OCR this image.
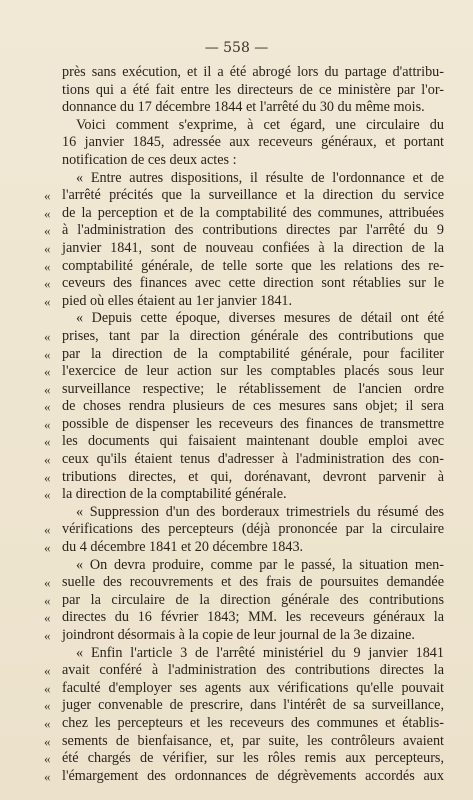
— 558 —
près sans exécution, et il a été abrogé lors du partage d'attribu-
tions qui a été fait entre les directeurs de ce ministère par l'or-
donnance du 17 décembre 1844 et l'arrêté du 30 du même mois.
Voici comment s'exprime, à cet égard, une circulaire du
16 janvier 1845, adressée aux receveurs généraux, et portant
notification de ces deux actes :
« Entre autres dispositions, il résulte de l'ordonnance et de
« l'arrêté précités que la surveillance et la direction du service
« de la perception et de la comptabilité des communes, attribuées
« à l'administration des contributions directes par l'arrêté du 9
« janvier 1841, sont de nouveau confiées à la direction de la
« comptabilité générale, de telle sorte que les relations des re-
« ceveurs des finances avec cette direction sont rétablies sur le
« pied où elles étaient au 1er janvier 1841.
« Depuis cette époque, diverses mesures de détail ont été
« prises, tant par la direction générale des contributions que
« par la direction de la comptabilité générale, pour faciliter
« l'exercice de leur action sur les comptables placés sous leur
« surveillance respective; le rétablissement de l'ancien ordre
« de choses rendra plusieurs de ces mesures sans objet; il sera
« possible de dispenser les receveurs des finances de transmettre
« les documents qui faisaient maintenant double emploi avec
« ceux qu'ils étaient tenus d'adresser à l'administration des con-
« tributions directes, et qui, dorénavant, devront parvenir à
« la direction de la comptabilité générale.
« Suppression d'un des borderaux trimestriels du résumé des
« vérifications des percepteurs (déjà prononcée par la circulaire
« du 4 décembre 1841 et 20 décembre 1843.
« On devra produire, comme par le passé, la situation men-
« suelle des recouvrements et des frais de poursuites demandée
« par la circulaire de la direction générale des contributions
« directes du 16 février 1843; MM. les receveurs généraux la
« joindront désormais à la copie de leur journal de la 3e dizaine.
« Enfin l'article 3 de l'arrêté ministériel du 9 janvier 1841
« avait conféré à l'administration des contributions directes la
« faculté d'employer ses agents aux vérifications qu'elle pouvait
« juger convenable de prescrire, dans l'intérêt de sa surveillance,
« chez les percepteurs et les receveurs des communes et établis-
« sements de bienfaisance, et, par suite, les contrôleurs avaient
« été chargés de vérifier, sur les rôles remis aux percepteurs,
« l'émargement des ordonnances de dégrèvements accordés aux
